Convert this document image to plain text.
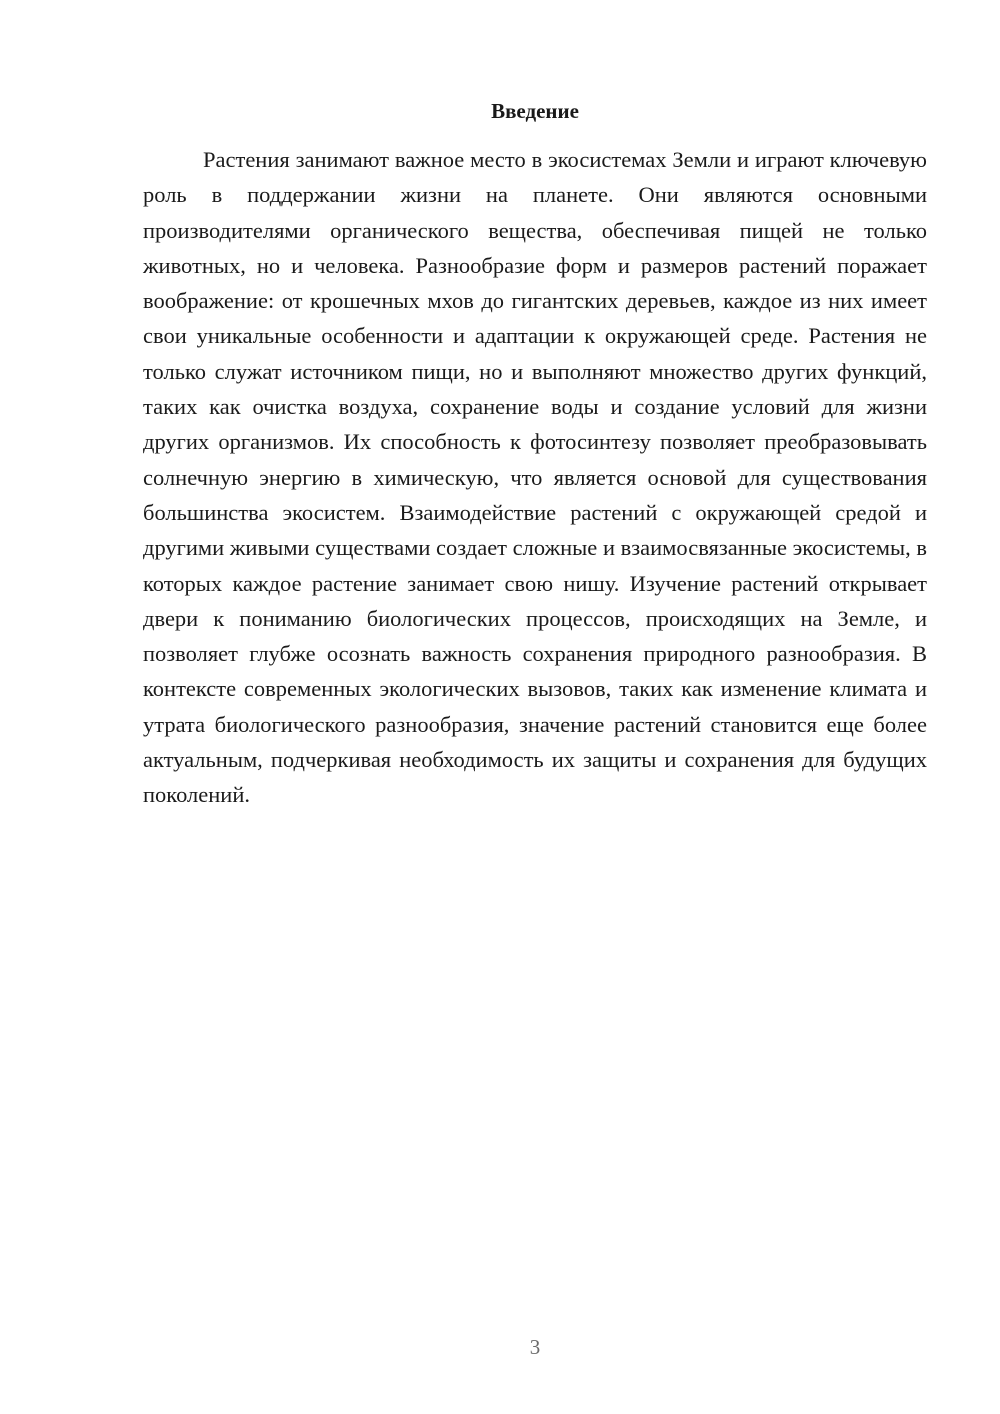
Введение

Растения занимают важное место в экосистемах Земли и играют ключевую роль в поддержании жизни на планете. Они являются основными производителями органического вещества, обеспечивая пищей не только животных, но и человека. Разнообразие форм и размеров растений поражает воображение: от крошечных мхов до гигантских деревьев, каждое из них имеет свои уникальные особенности и адаптации к окружающей среде. Растения не только служат источником пищи, но и выполняют множество других функций, таких как очистка воздуха, сохранение воды и создание условий для жизни других организмов. Их способность к фотосинтезу позволяет преобразовывать солнечную энергию в химическую, что является основой для существования большинства экосистем. Взаимодействие растений с окружающей средой и другими живыми существами создает сложные и взаимосвязанные экосистемы, в которых каждое растение занимает свою нишу. Изучение растений открывает двери к пониманию биологических процессов, происходящих на Земле, и позволяет глубже осознать важность сохранения природного разнообразия. В контексте современных экологических вызовов, таких как изменение климата и утрата биологического разнообразия, значение растений становится еще более актуальным, подчеркивая необходимость их защиты и сохранения для будущих поколений.

3
